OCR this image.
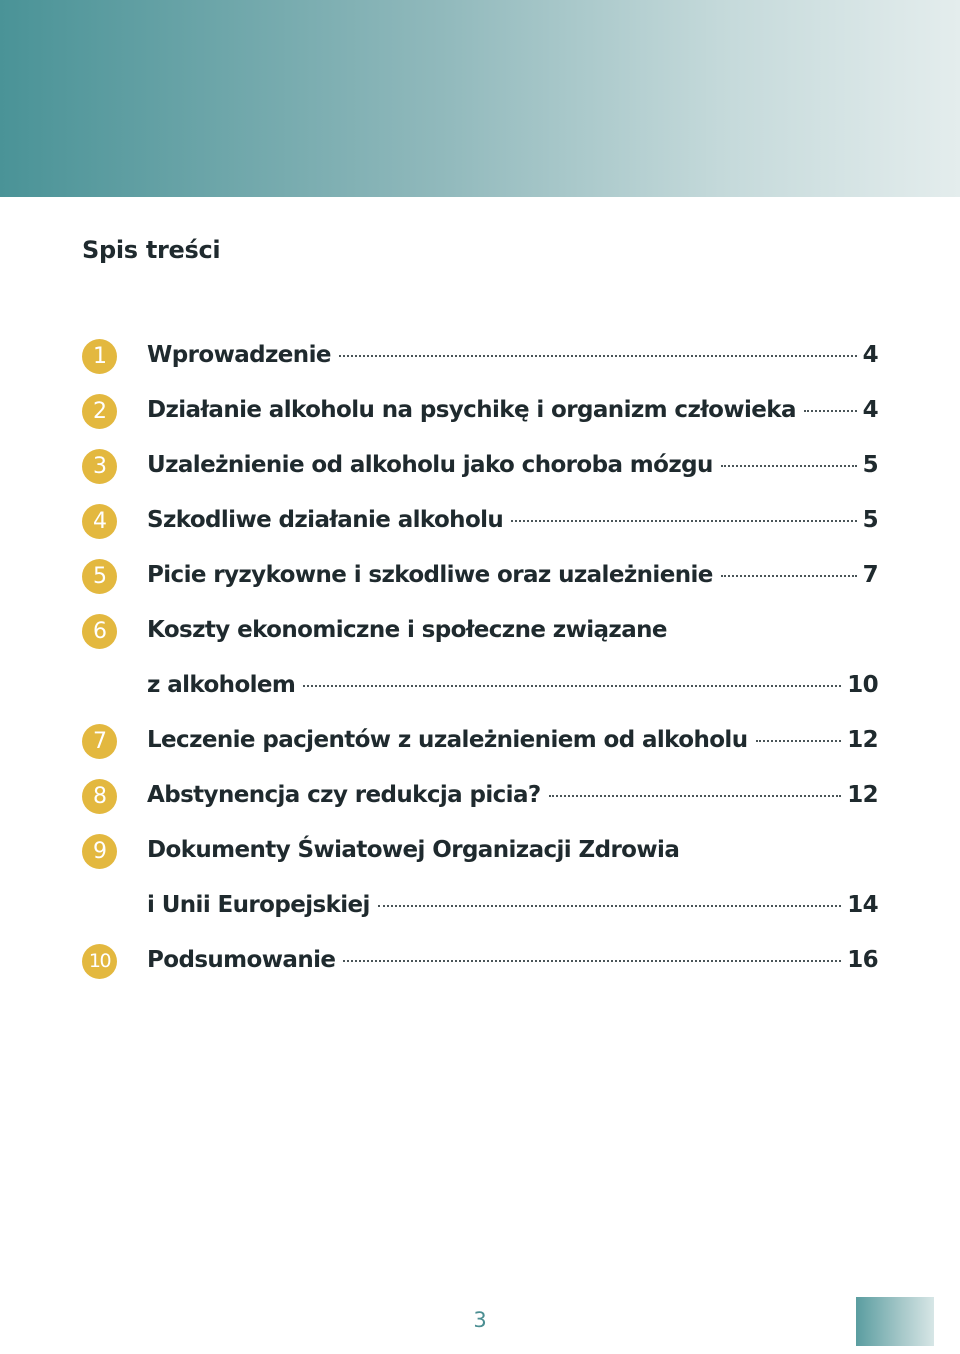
Spis treści
1	Wprowadzenie	4
2	Działanie alkoholu na psychikę i organizm człowieka	4
3	Uzależnienie od alkoholu jako choroba mózgu	5
4	Szkodliwe działanie alkoholu	5
5	Picie ryzykowne i szkodliwe oraz uzależnienie	7
6	Koszty ekonomiczne i społeczne związane
z alkoholem	10
7	Leczenie pacjentów z uzależnieniem od alkoholu	12
8	Abstynencja czy redukcja picia?	12
9	Dokumenty Światowej Organizacji Zdrowia
i Unii Europejskiej	14
10	Podsumowanie	16
3
